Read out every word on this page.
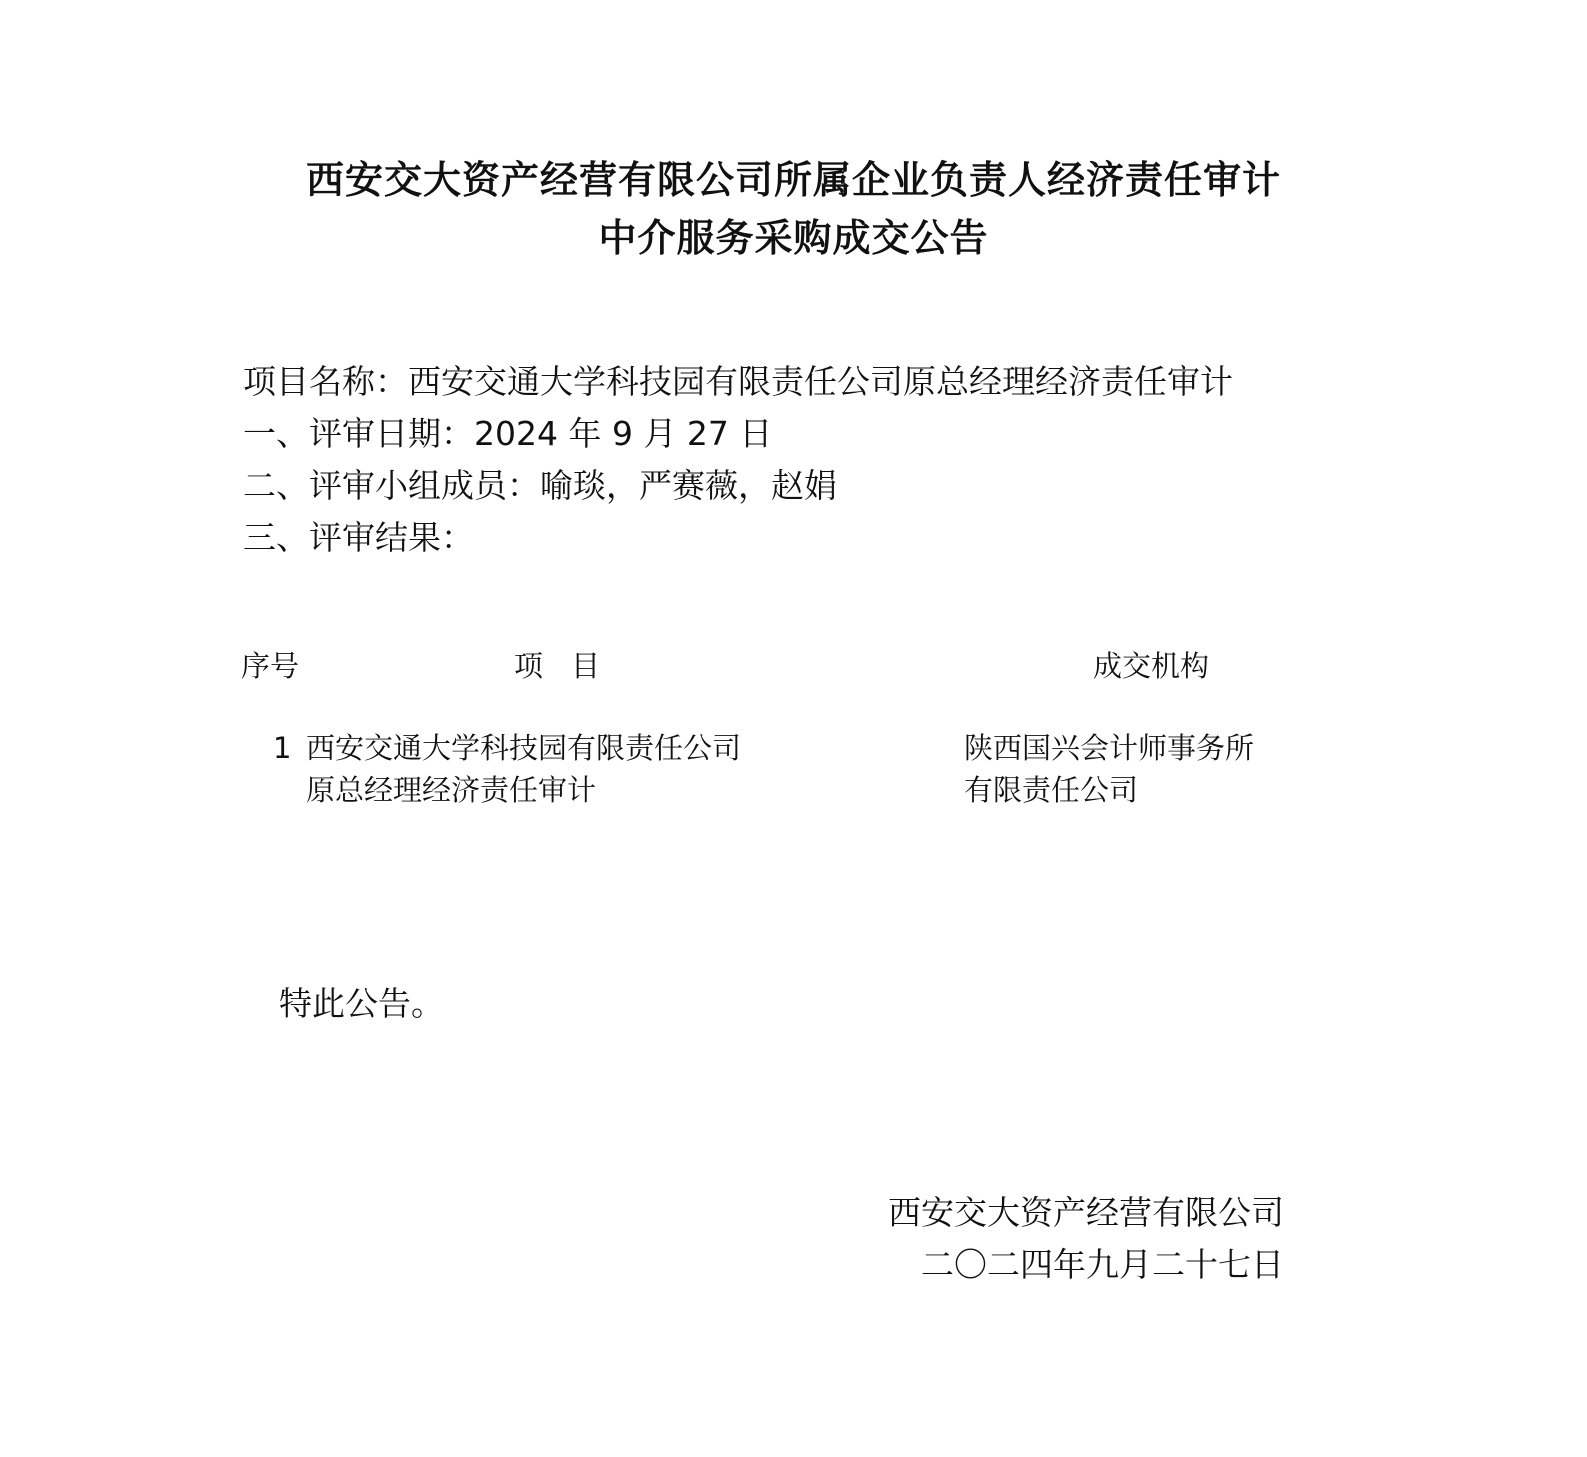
西安交大资产经营有限公司所属企业负责人经济责任审计
中介服务采购成交公告
项目名称：西安交通大学科技园有限责任公司原总经理经济责任审计
一、评审日期：2024 年 9 月 27 日
二、评审小组成员：喻琰，严赛薇，赵娟
三、评审结果：
序号	项目	成交机构
1 西安交通大学科技园有限责任公司
原总经理经济责任审计
陕西国兴会计师事务所
有限责任公司
特此公告。
西安交大资产经营有限公司
二〇二四年九月二十七日
